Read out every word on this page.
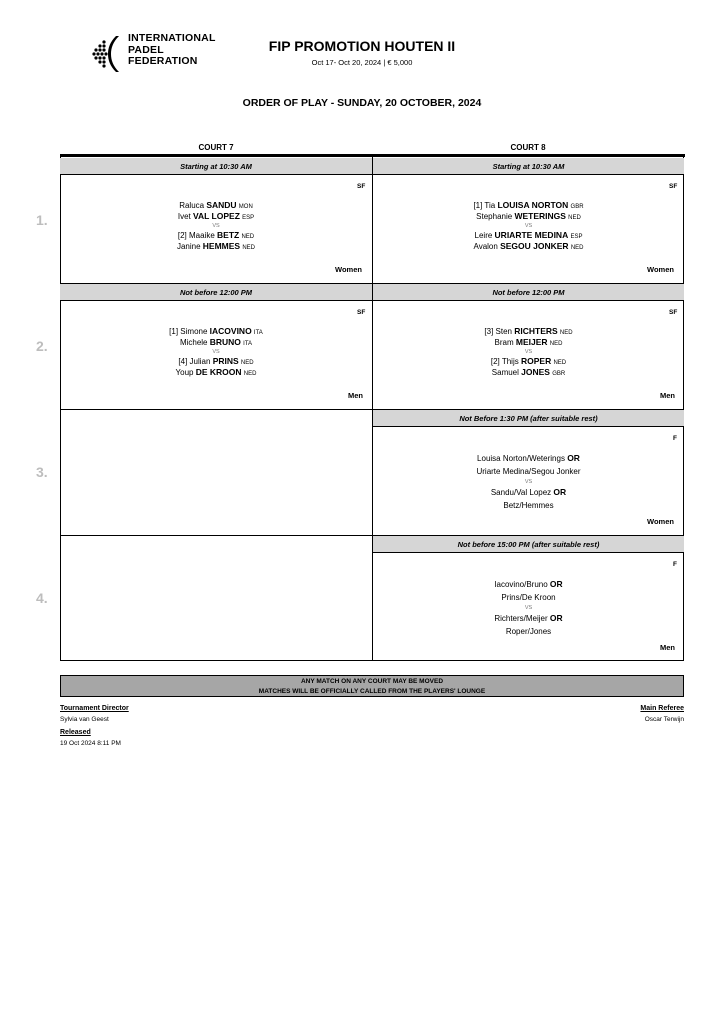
INTERNATIONAL
PADEL
FEDERATION
FIP PROMOTION HOUTEN II
Oct 17- Oct 20, 2024 | € 5,000
ORDER OF PLAY - SUNDAY, 20 OCTOBER, 2024
COURT 7	COURT 8
1.
2.
3.
4.
Starting at 10:30 AM
SF
Raluca SANDU MON
Ivet VAL LOPEZ ESP
VS
[2] Maaike BETZ NED
Janine HEMMES NED
Women
Starting at 10:30 AM
SF
[1] Tia LOUISA NORTON GBR
Stephanie WETERINGS NED
VS
Leire URIARTE MEDINA ESP
Avalon SEGOU JONKER NED
Women
Not before 12:00 PM
SF
[1] Simone IACOVINO ITA
Michele BRUNO ITA
VS
[4] Julian PRINS NED
Youp DE KROON NED
Men
Not before 12:00 PM
SF
[3] Sten RICHTERS NED
Bram MEIJER NED
VS
[2] Thijs ROPER NED
Samuel JONES GBR
Men
Not Before 1:30 PM (after suitable rest)
F
Louisa Norton/Weterings OR
Uriarte Medina/Segou Jonker
VS
Sandu/Val Lopez OR
Betz/Hemmes
Women
Not before 15:00 PM (after suitable rest)
F
Iacovino/Bruno OR
Prins/De Kroon
VS
Richters/Meijer OR
Roper/Jones
Men
ANY MATCH ON ANY COURT MAY BE MOVED
MATCHES WILL BE OFFICIALLY CALLED FROM THE PLAYERS' LOUNGE
Tournament Director
Sylvia van Geest
Released
19 Oct 2024 8:11 PM
Main Referee
Oscar Terwijn
